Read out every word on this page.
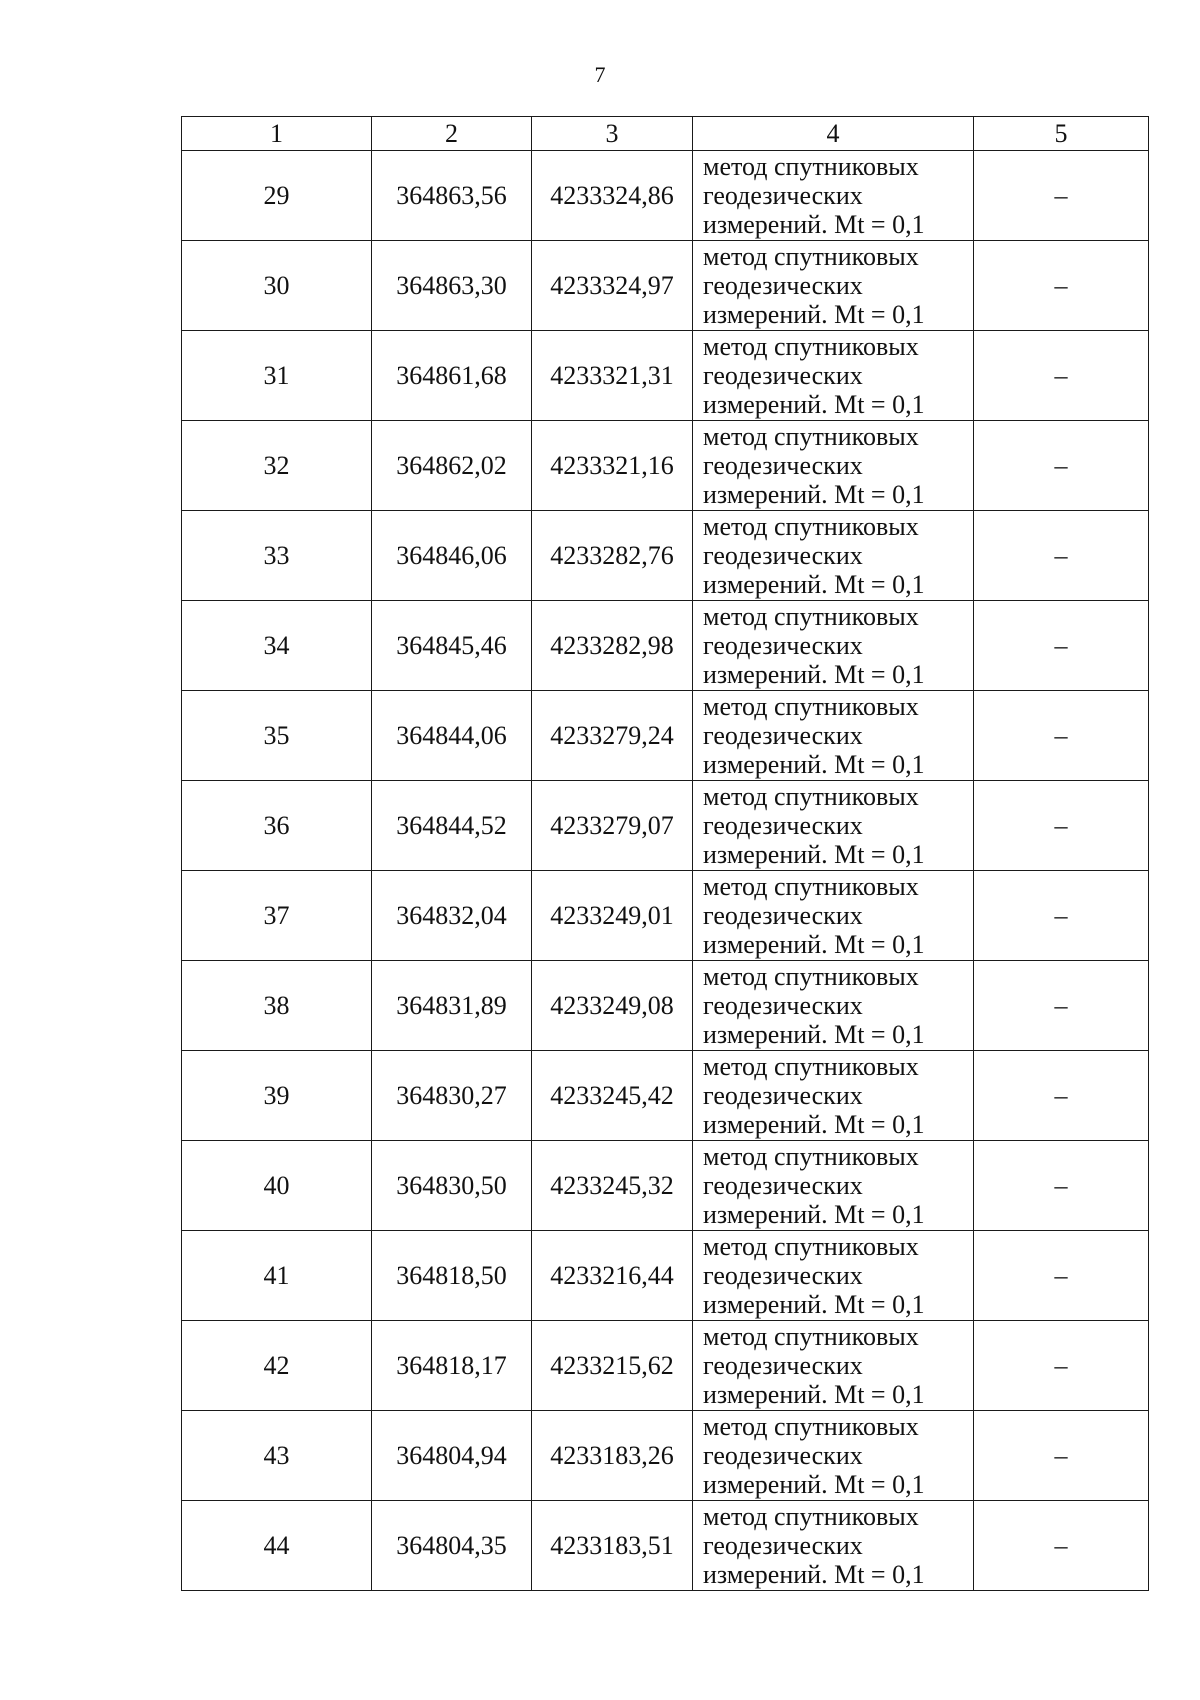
7
1	2	3	4	5
29	364863,56	4233324,86	метод спутниковых
геодезических
измерений. Mt = 0,1	–
30	364863,30	4233324,97	метод спутниковых
геодезических
измерений. Mt = 0,1	–
31	364861,68	4233321,31	метод спутниковых
геодезических
измерений. Mt = 0,1	–
32	364862,02	4233321,16	метод спутниковых
геодезических
измерений. Mt = 0,1	–
33	364846,06	4233282,76	метод спутниковых
геодезических
измерений. Mt = 0,1	–
34	364845,46	4233282,98	метод спутниковых
геодезических
измерений. Mt = 0,1	–
35	364844,06	4233279,24	метод спутниковых
геодезических
измерений. Mt = 0,1	–
36	364844,52	4233279,07	метод спутниковых
геодезических
измерений. Mt = 0,1	–
37	364832,04	4233249,01	метод спутниковых
геодезических
измерений. Mt = 0,1	–
38	364831,89	4233249,08	метод спутниковых
геодезических
измерений. Mt = 0,1	–
39	364830,27	4233245,42	метод спутниковых
геодезических
измерений. Mt = 0,1	–
40	364830,50	4233245,32	метод спутниковых
геодезических
измерений. Mt = 0,1	–
41	364818,50	4233216,44	метод спутниковых
геодезических
измерений. Mt = 0,1	–
42	364818,17	4233215,62	метод спутниковых
геодезических
измерений. Mt = 0,1	–
43	364804,94	4233183,26	метод спутниковых
геодезических
измерений. Mt = 0,1	–
44	364804,35	4233183,51	метод спутниковых
геодезических
измерений. Mt = 0,1	–
